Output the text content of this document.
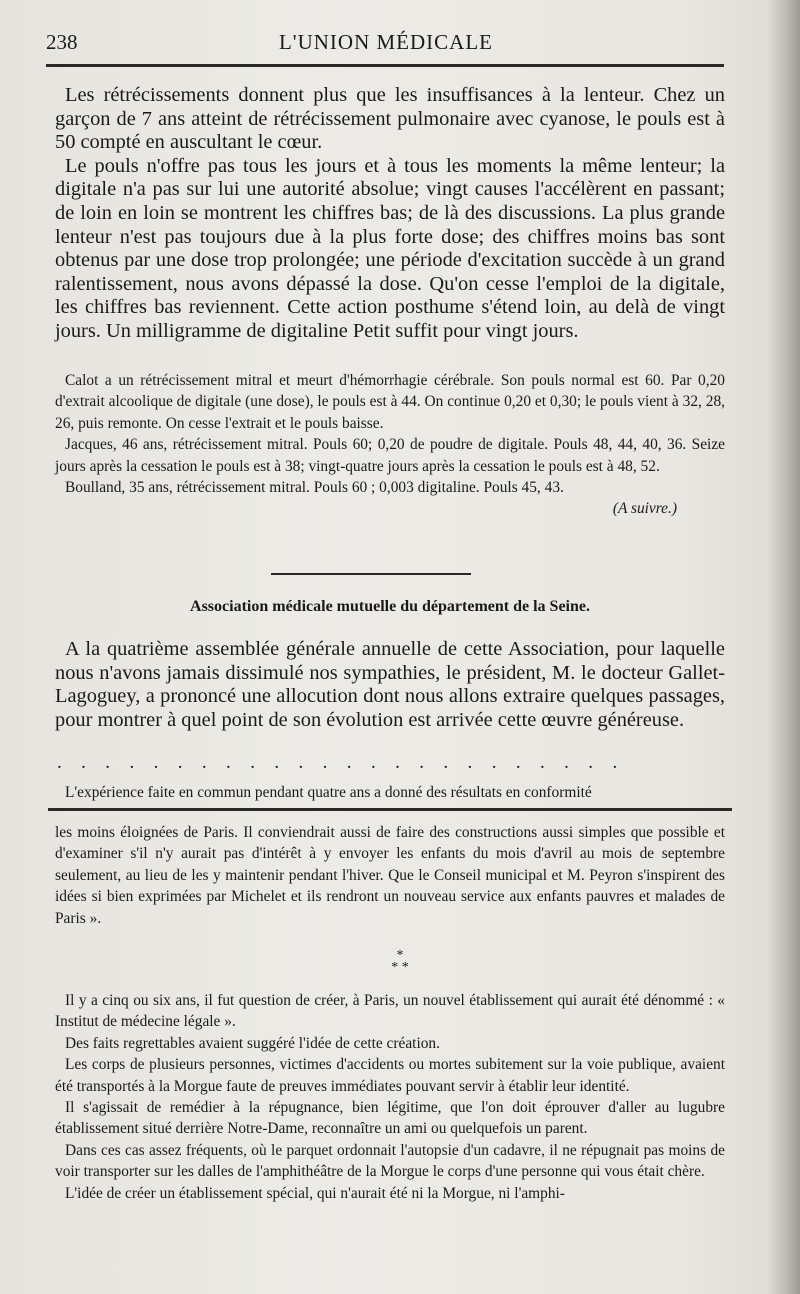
238	L'UNION MÉDICALE

Les rétrécissements donnent plus que les insuffisances à la lenteur. Chez un garçon de 7 ans atteint de rétrécissement pulmonaire avec cyanose, le pouls est à 50 compté en auscultant le cœur.

Le pouls n'offre pas tous les jours et à tous les moments la même lenteur; la digitale n'a pas sur lui une autorité absolue; vingt causes l'accélèrent en passant; de loin en loin se montrent les chiffres bas; de là des discussions. La plus grande lenteur n'est pas toujours due à la plus forte dose; des chiffres moins bas sont obtenus par une dose trop prolongée; une période d'excitation succède à un grand ralentissement, nous avons dépassé la dose. Qu'on cesse l'emploi de la digitale, les chiffres bas reviennent. Cette action posthume s'étend loin, au delà de vingt jours. Un milligramme de digitaline Petit suffit pour vingt jours.

Calot a un rétrécissement mitral et meurt d'hémorrhagie cérébrale. Son pouls normal est 60. Par 0,20 d'extrait alcoolique de digitale (une dose), le pouls est à 44. On continue 0,20 et 0,30; le pouls vient à 32, 28, 26, puis remonte. On cesse l'extrait et le pouls baisse.

Jacques, 46 ans, rétrécissement mitral. Pouls 60; 0,20 de poudre de digitale. Pouls 48, 44, 40, 36. Seize jours après la cessation le pouls est à 38; vingt-quatre jours après la cessation le pouls est à 48, 52.

Boulland, 35 ans, rétrécissement mitral. Pouls 60 ; 0,003 digitaline. Pouls 45, 43.

(A suivre.)

Association médicale mutuelle du département de la Seine.

A la quatrième assemblée générale annuelle de cette Association, pour laquelle nous n'avons jamais dissimulé nos sympathies, le président, M. le docteur Gallet-Lagoguey, a prononcé une allocution dont nous allons extraire quelques passages, pour montrer à quel point de son évolution est arrivée cette œuvre généreuse.

........................

L'expérience faite en commun pendant quatre ans a donné des résultats en conformité

les moins éloignées de Paris. Il conviendrait aussi de faire des constructions aussi simples que possible et d'examiner s'il n'y aurait pas d'intérêt à y envoyer les enfants du mois d'avril au mois de septembre seulement, au lieu de les y maintenir pendant l'hiver. Que le Conseil municipal et M. Peyron s'inspirent des idées si bien exprimées par Michelet et ils rendront un nouveau service aux enfants pauvres et malades de Paris ».

*
* *

Il y a cinq ou six ans, il fut question de créer, à Paris, un nouvel établissement qui aurait été dénommé : « Institut de médecine légale ».

Des faits regrettables avaient suggéré l'idée de cette création.

Les corps de plusieurs personnes, victimes d'accidents ou mortes subitement sur la voie publique, avaient été transportés à la Morgue faute de preuves immédiates pouvant servir à établir leur identité.

Il s'agissait de remédier à la répugnance, bien légitime, que l'on doit éprouver d'aller au lugubre établissement situé derrière Notre-Dame, reconnaître un ami ou quelquefois un parent.

Dans ces cas assez fréquents, où le parquet ordonnait l'autopsie d'un cadavre, il ne répugnait pas moins de voir transporter sur les dalles de l'amphithéâtre de la Morgue le corps d'une personne qui vous était chère.

L'idée de créer un établissement spécial, qui n'aurait été ni la Morgue, ni l'amphi-
